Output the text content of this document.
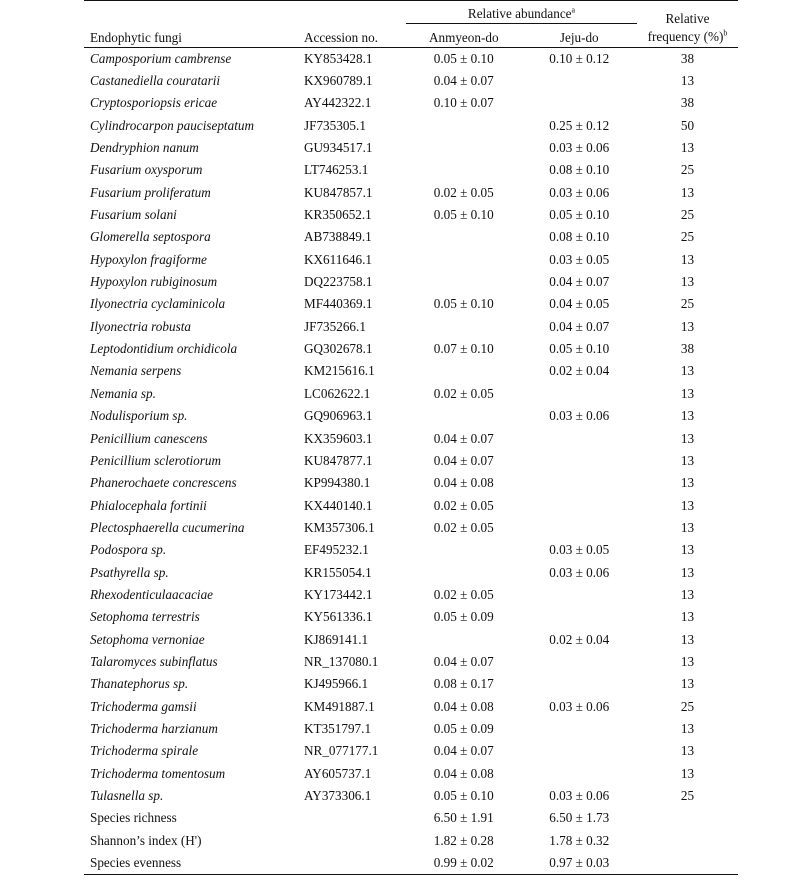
Endophytic fungi	Accession no.	Relative abundance$^a$		Relative
frequency (%)$^b$
		Anmyeon-do	Jeju-do	
Camposporium cambrense	KY853428.1	0.05 ± 0.10	0.10 ± 0.12	38
Castanediella couratarii	KX960789.1	0.04 ± 0.07		13
Cryptosporiopsis ericae	AY442322.1	0.10 ± 0.07		38
Cylindrocarpon pauciseptatum	JF735305.1		0.25 ± 0.12	50
Dendryphion nanum	GU934517.1		0.03 ± 0.06	13
Fusarium oxysporum	LT746253.1		0.08 ± 0.10	25
Fusarium proliferatum	KU847857.1	0.02 ± 0.05	0.03 ± 0.06	13
Fusarium solani	KR350652.1	0.05 ± 0.10	0.05 ± 0.10	25
Glomerella septospora	AB738849.1		0.08 ± 0.10	25
Hypoxylon fragiforme	KX611646.1		0.03 ± 0.05	13
Hypoxylon rubiginosum	DQ223758.1		0.04 ± 0.07	13
Ilyonectria cyclaminicola	MF440369.1	0.05 ± 0.10	0.04 ± 0.05	25
Ilyonectria robusta	JF735266.1		0.04 ± 0.07	13
Leptodontidium orchidicola	GQ302678.1	0.07 ± 0.10	0.05 ± 0.10	38
Nemania serpens	KM215616.1		0.02 ± 0.04	13
Nemania sp.	LC062622.1	0.02 ± 0.05		13
Nodulisporium sp.	GQ906963.1		0.03 ± 0.06	13
Penicillium canescens	KX359603.1	0.04 ± 0.07		13
Penicillium sclerotiorum	KU847877.1	0.04 ± 0.07		13
Phanerochaete concrescens	KP994380.1	0.04 ± 0.08		13
Phialocephala fortinii	KX440140.1	0.02 ± 0.05		13
Plectosphaerella cucumerina	KM357306.1	0.02 ± 0.05		13
Podospora sp.	EF495232.1		0.03 ± 0.05	13
Psathyrella sp.	KR155054.1		0.03 ± 0.06	13
Rhexodenticulaacaciae	KY173442.1	0.02 ± 0.05		13
Setophoma terrestris	KY561336.1	0.05 ± 0.09		13
Setophoma vernoniae	KJ869141.1		0.02 ± 0.04	13
Talaromyces subinflatus	NR_137080.1	0.04 ± 0.07		13
Thanatephorus sp.	KJ495966.1	0.08 ± 0.17		13
Trichoderma gamsii	KM491887.1	0.04 ± 0.08	0.03 ± 0.06	25
Trichoderma harzianum	KT351797.1	0.05 ± 0.09		13
Trichoderma spirale	NR_077177.1	0.04 ± 0.07		13
Trichoderma tomentosum	AY605737.1	0.04 ± 0.08		13
Tulasnella sp.	AY373306.1	0.05 ± 0.10	0.03 ± 0.06	25
Species richness		6.50 ± 1.91	6.50 ± 1.73	
Shannon’s index (H')		1.82 ± 0.28	1.78 ± 0.32	
Species evenness		0.99 ± 0.02	0.97 ± 0.03	
